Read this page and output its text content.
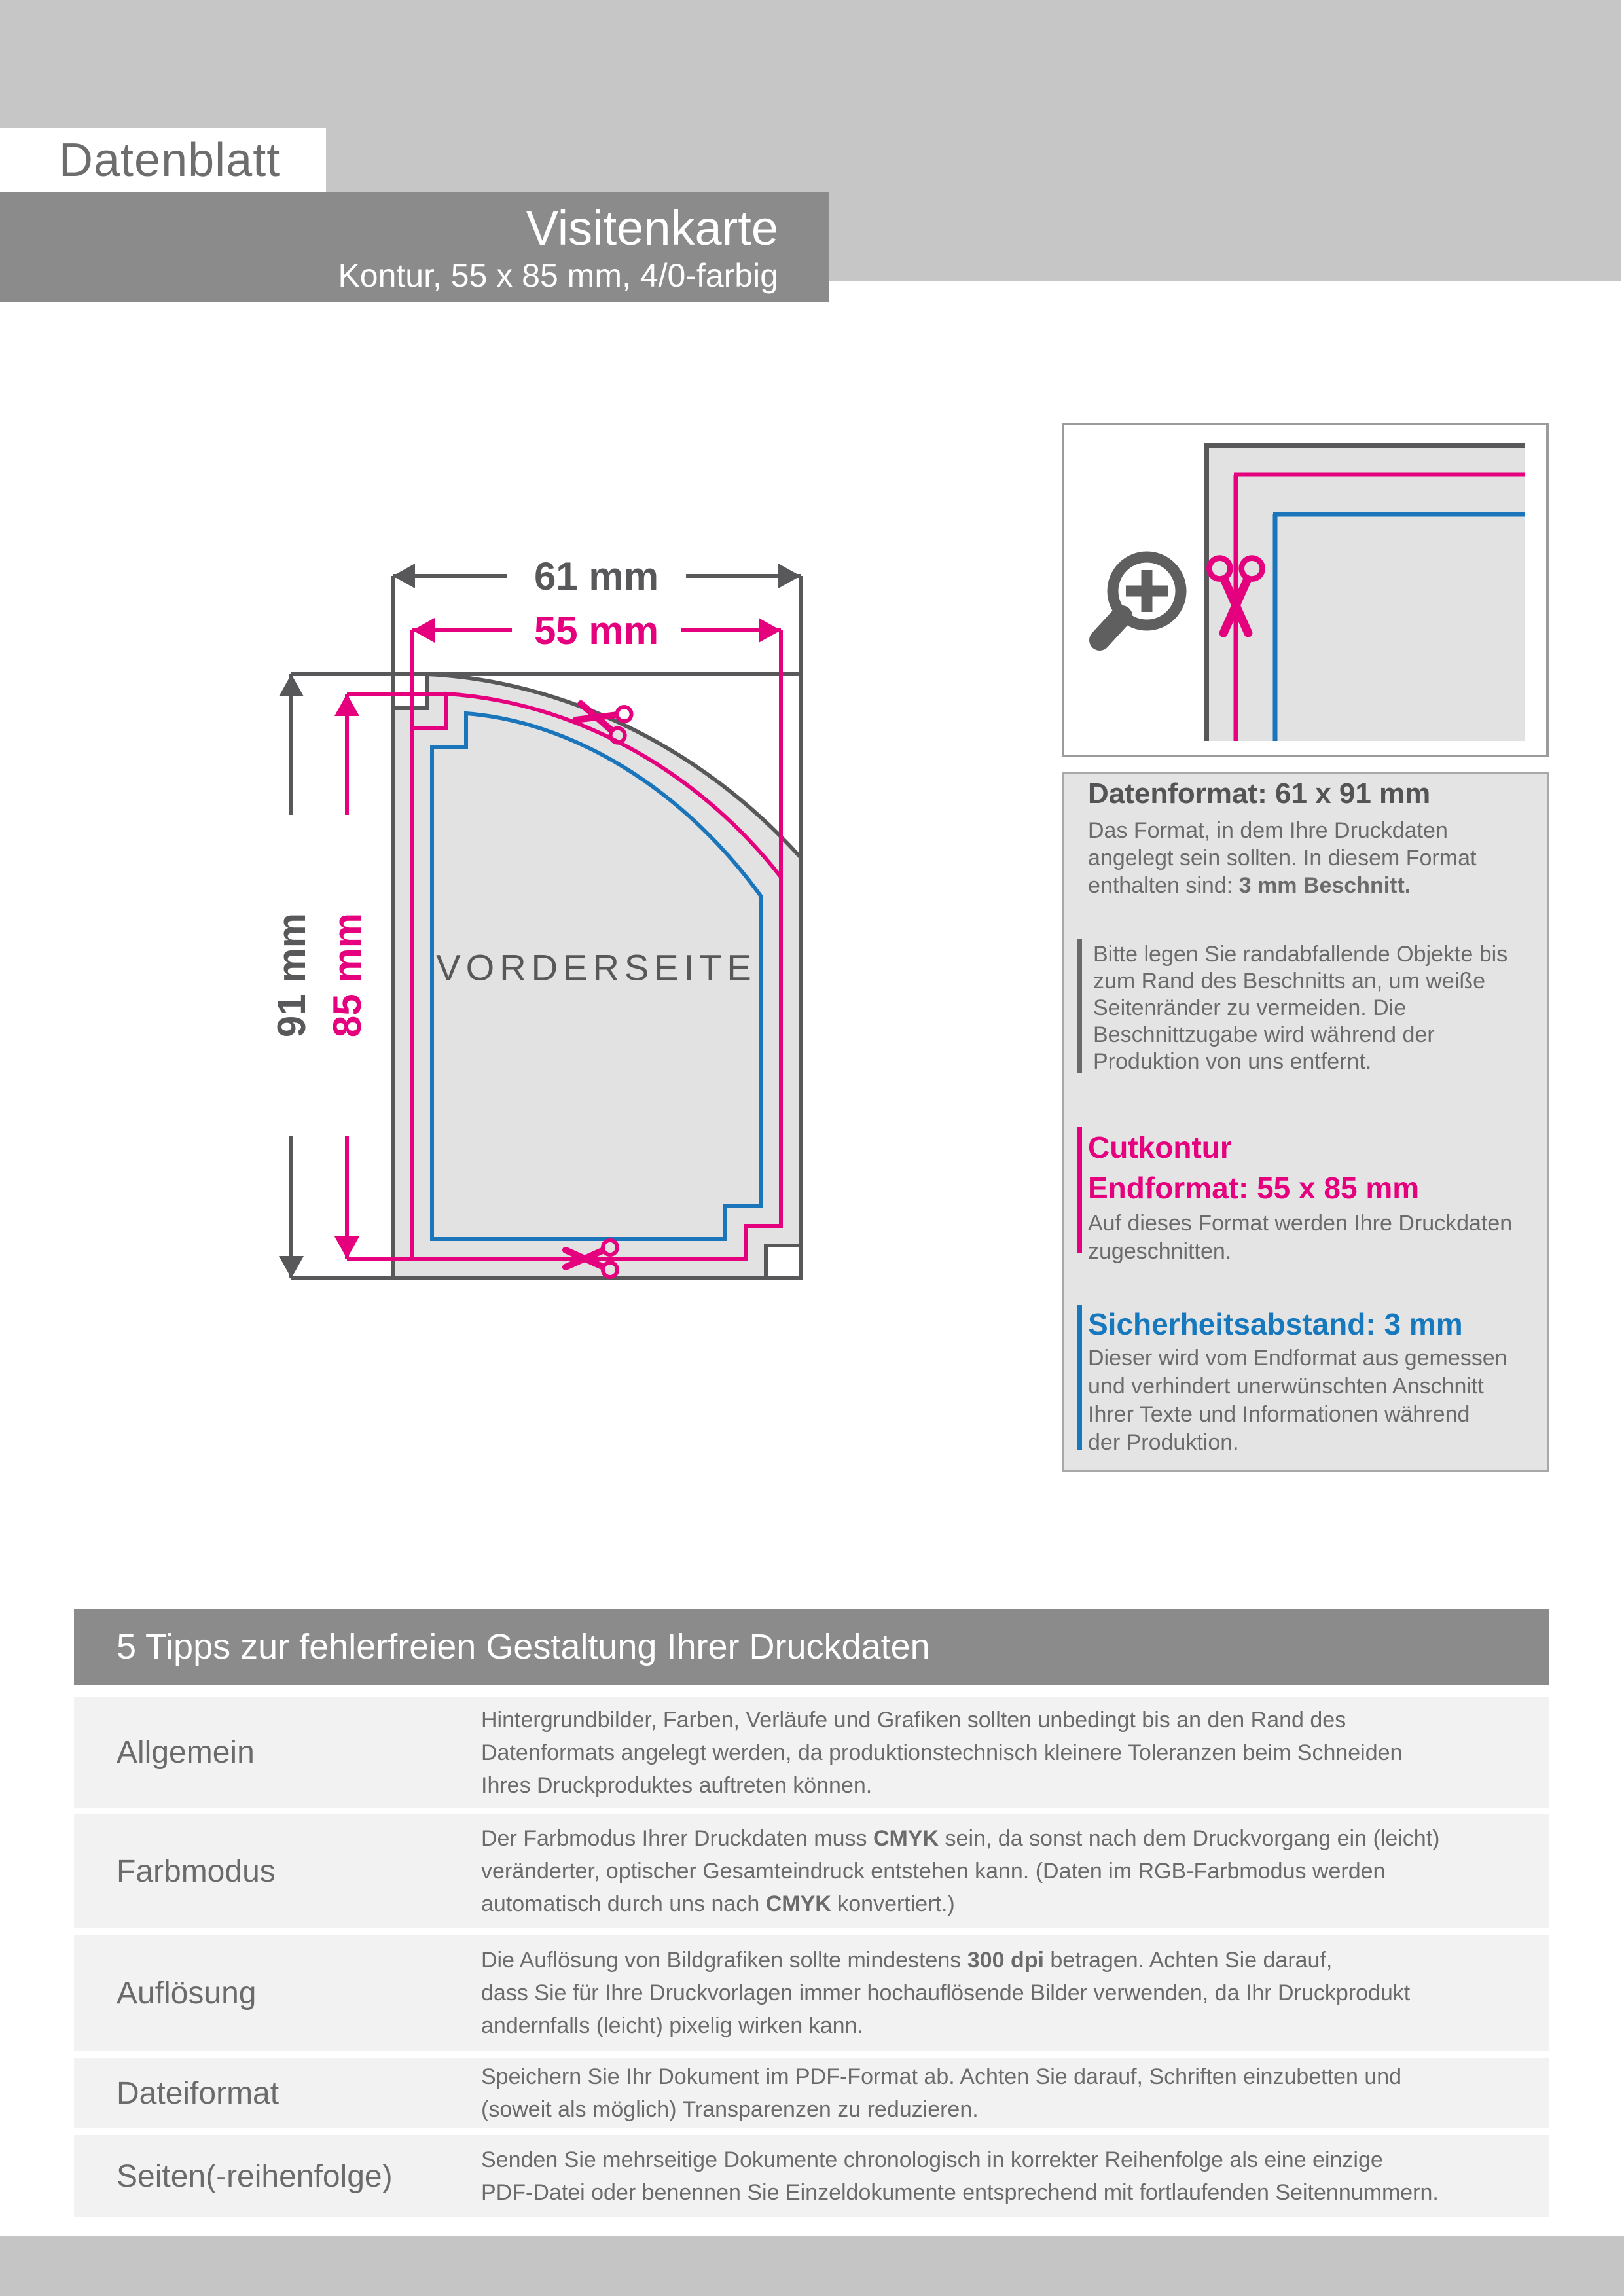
Datenblatt
Visitenkarte
Kontur, 55 x 85 mm, 4/0-farbig
61 mm
55 mm
91 mm 85 mm VORDERSEITE
Datenformat: 61 x 91 mm
Das Format, in dem Ihre Druckdaten
angelegt sein sollten. In diesem Format
enthalten sind: 3 mm Beschnitt.
Bitte legen Sie randabfallende Objekte bis
zum Rand des Beschnitts an, um weiße
Seitenränder zu vermeiden. Die
Beschnittzugabe wird während der
Produktion von uns entfernt.
Cutkontur
Endformat: 55 x 85 mm
Auf dieses Format werden Ihre Druckdaten
zugeschnitten.
Sicherheitsabstand: 3 mm
Dieser wird vom Endformat aus gemessen
und verhindert unerwünschten Anschnitt
Ihrer Texte und Informationen während
der Produktion.
5 Tipps zur fehlerfreien Gestaltung Ihrer Druckdaten
Allgemein
Hintergrundbilder, Farben, Verläufe und Grafiken sollten unbedingt bis an den Rand des
Datenformats angelegt werden, da produktionstechnisch kleinere Toleranzen beim Schneiden
Ihres Druckproduktes auftreten können.
Farbmodus
Der Farbmodus Ihrer Druckdaten muss CMYK sein, da sonst nach dem Druckvorgang ein (leicht)
veränderter, optischer Gesamteindruck entstehen kann. (Daten im RGB-Farbmodus werden
automatisch durch uns nach CMYK konvertiert.)
Auflösung
Die Auflösung von Bildgrafiken sollte mindestens 300 dpi betragen. Achten Sie darauf,
dass Sie für Ihre Druckvorlagen immer hochauflösende Bilder verwenden, da Ihr Druckprodukt
andernfalls (leicht) pixelig wirken kann.
Dateiformat	Speichern Sie Ihr Dokument im PDF-Format ab. Achten Sie darauf, Schriften einzubetten und
(soweit als möglich) Transparenzen zu reduzieren.
Seiten(-reihenfolge)	Senden Sie mehrseitige Dokumente chronologisch in korrekter Reihenfolge als eine einzige
PDF-Datei oder benennen Sie Einzeldokumente entsprechend mit fortlaufenden Seitennummern.
